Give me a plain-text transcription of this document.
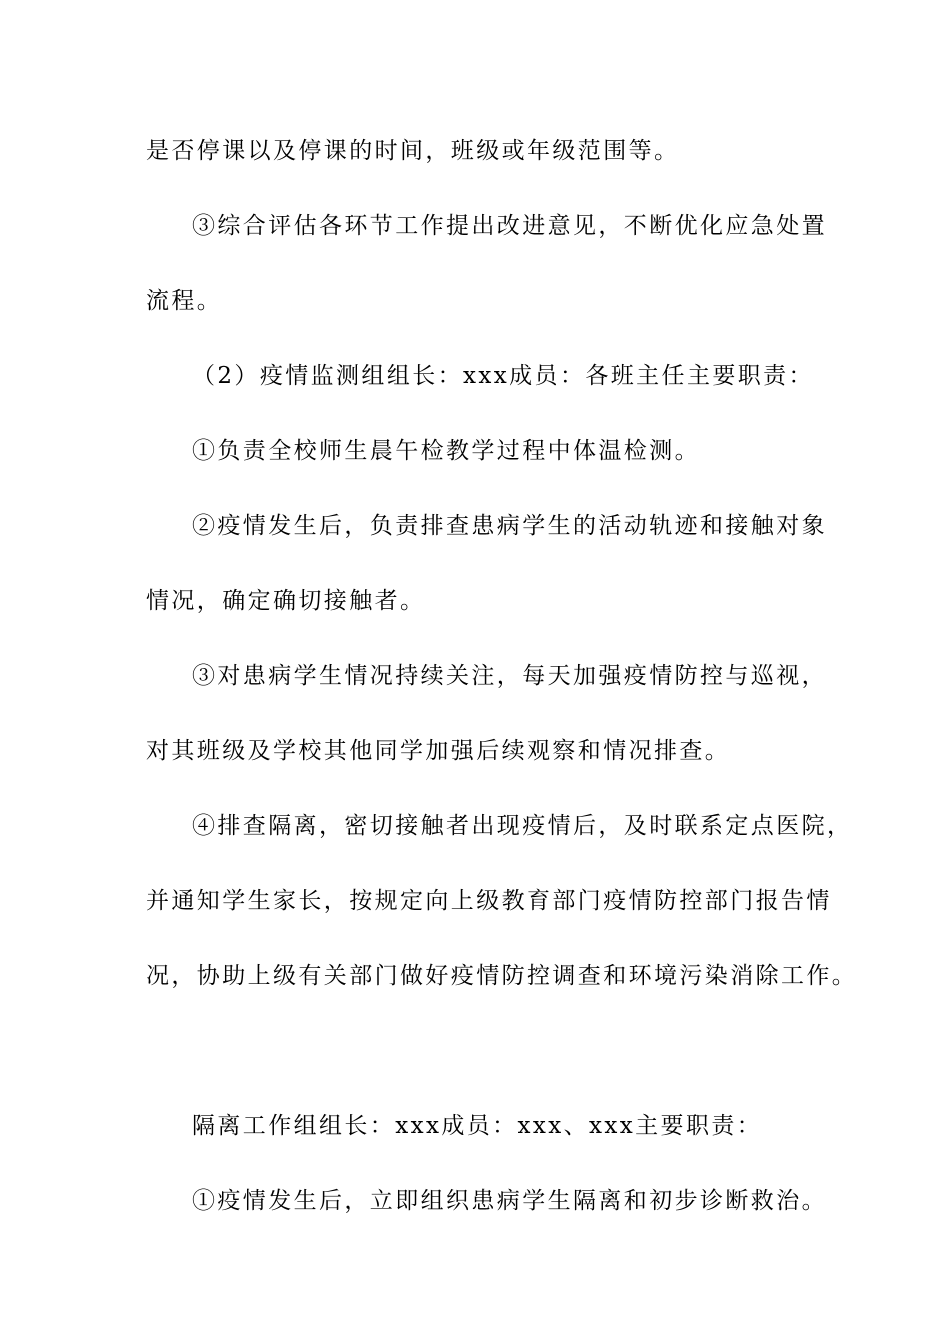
是否停课以及停课的时间，班级或年级范围等。
③综合评估各环节工作提出改进意见，不断优化应急处置
流程。
（2）疫情监测组组长：xxx成员：各班主任主要职责：
①负责全校师生晨午检教学过程中体温检测。
②疫情发生后，负责排查患病学生的活动轨迹和接触对象
情况，确定确切接触者。
③对患病学生情况持续关注，每天加强疫情防控与巡视，
对其班级及学校其他同学加强后续观察和情况排查。
④排查隔离，密切接触者出现疫情后，及时联系定点医院，
并通知学生家长，按规定向上级教育部门疫情防控部门报告情
况，协助上级有关部门做好疫情防控调查和环境污染消除工作。
隔离工作组组长：xxx成员：xxx、xxx主要职责：
①疫情发生后，立即组织患病学生隔离和初步诊断救治。
